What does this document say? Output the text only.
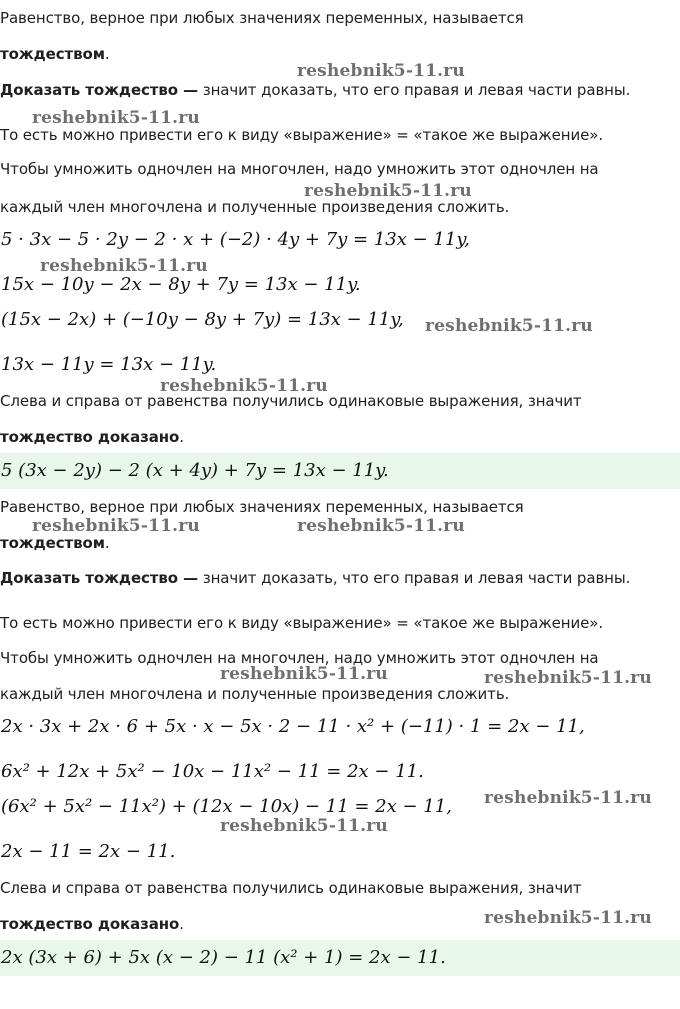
Равенство, верное при любых значениях переменных, называется

тождеством.

Доказать тождество — значит доказать, что его правая и левая части равны.

То есть можно привести его к виду «выражение» = «такое же выражение».

Чтобы умножить одночлен на многочлен, надо умножить этот одночлен на

каждый член многочлена и полученные произведения сложить.

5 · 3x − 5 · 2y − 2 · x + (−2) · 4y + 7y = 13x − 11y,

15x − 10y − 2x − 8y + 7y = 13x − 11y.

(15x − 2x) + (−10y − 8y + 7y) = 13x − 11y,

13x − 11y = 13x − 11y.

Слева и справа от равенства получились одинаковые выражения, значит

тождество доказано.

5 (3x − 2y) − 2 (x + 4y) + 7y = 13x − 11y.

Равенство, верное при любых значениях переменных, называется

тождеством.

Доказать тождество — значит доказать, что его правая и левая части равны.

То есть можно привести его к виду «выражение» = «такое же выражение».

Чтобы умножить одночлен на многочлен, надо умножить этот одночлен на

каждый член многочлена и полученные произведения сложить.

2x · 3x + 2x · 6 + 5x · x − 5x · 2 − 11 · x² + (−11) · 1 = 2x − 11,

6x² + 12x + 5x² − 10x − 11x² − 11 = 2x − 11.

(6x² + 5x² − 11x²) + (12x − 10x) − 11 = 2x − 11,

2x − 11 = 2x − 11.

Слева и справа от равенства получились одинаковые выражения, значит

тождество доказано.

2x (3x + 6) + 5x (x − 2) − 11 (x² + 1) = 2x − 11.

reshebnik5-11.ru

reshebnik5-11.ru

reshebnik5-11.ru

reshebnik5-11.ru

reshebnik5-11.ru

reshebnik5-11.ru

reshebnik5-11.ru	reshebnik5-11.ru

reshebnik5-11.ru	reshebnik5-11.ru

reshebnik5-11.ru

reshebnik5-11.ru

reshebnik5-11.ru
